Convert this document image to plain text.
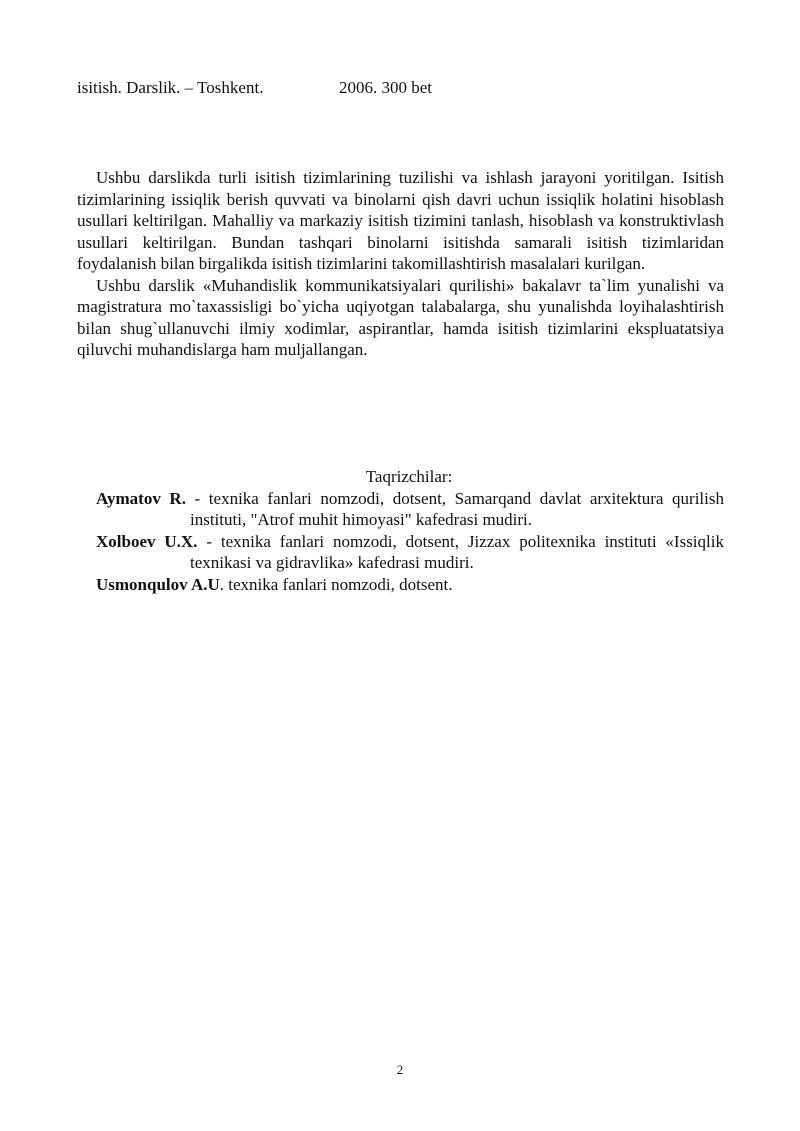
isitish. Darslik. – Toshkent.	2006. 300 bet

Ushbu darslikda turli isitish tizimlarining tuzilishi va ishlash jarayoni yoritilgan. Isitish tizimlarining issiqlik berish quvvati va binolarni qish davri uchun issiqlik holatini hisoblash usullari keltirilgan. Mahalliy va markaziy isitish tizimini tanlash, hisoblash va konstruktivlash usullari keltirilgan. Bundan tashqari binolarni isitishda samarali isitish tizimlaridan foydalanish bilan birgalikda isitish tizimlarini takomillashtirish masalalari kurilgan.

Ushbu darslik «Muhandislik kommunikatsiyalari qurilishi» bakalavr ta`lim yunalishi va magistratura mo`taxassisligi bo`yicha uqiyotgan talabalarga, shu yunalishda loyihalashtirish bilan shug`ullanuvchi ilmiy xodimlar, aspirantlar, hamda isitish tizimlarini ekspluatatsiya qiluvchi muhandislarga ham muljallangan.

Taqrizchilar:

Aymatov R. - texnika fanlari nomzodi, dotsent, Samarqand davlat arxitektura qurilish instituti, "Atrof muhit himoyasi" kafedrasi mudiri.

Xolboev U.X. - texnika fanlari nomzodi, dotsent, Jizzax politexnika instituti «Issiqlik texnikasi va gidravlika» kafedrasi mudiri.

Usmonqulov A.U. texnika fanlari nomzodi, dotsent.

2
